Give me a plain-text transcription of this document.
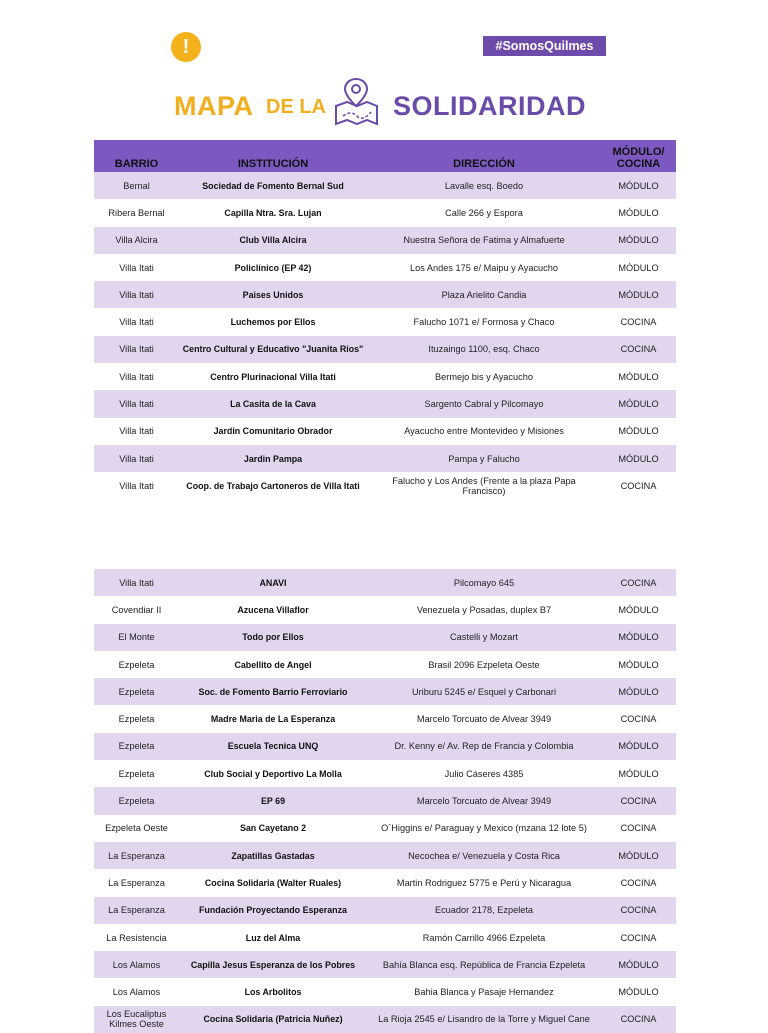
!	#SomosQuilmes
MAPA DE LA SOLIDARIDAD
BARRIO	INSTITUCIÓN	DIRECCIÓN	MÓDULO/
COCINA
Bernal	Sociedad de Fomento Bernal Sud	Lavalle esq. Boedo	MÓDULO
Ribera Bernal	Capilla Ntra. Sra. Lujan	Calle 266 y Espora	MÓDULO
Villa Alcira	Club Villa Alcira	Nuestra Señora de Fatima y Almafuerte	MÓDULO
Villa Itati	Policlínico (EP 42)	Los Andes 175 e/ Maipu y Ayacucho	MÓDULO
Villa Itati	Paises Unidos	Plaza Arielito Candia	MÓDULO
Villa Itati	Luchemos por Ellos	Falucho 1071 e/ Formosa y Chaco	COCINA
Villa Itati	Centro Cultural y Educativo "Juanita Rios"	Ituzaingo 1100, esq. Chaco	COCINA
Villa Itati	Centro Plurinacional Villa Itati	Bermejo bis y Ayacucho	MÓDULO
Villa Itati	La Casita de la Cava	Sargento Cabral y Pilcomayo	MÓDULO
Villa Itati	Jardin Comunitario Obrador	Ayacucho entre Montevideo y Misiones	MÓDULO
Villa Itati	Jardin Pampa	Pampa y Falucho	MÓDULO
Villa Itati	Coop. de Trabajo Cartoneros de Villa Itati	Falucho y Los Andes (Frente a la plaza Papa Francisco)	COCINA
Villa Itati	ANAVI	Pilcomayo 645	COCINA
Covendiar II	Azucena Villaflor	Venezuela y Posadas, duplex B7	MÓDULO
El Monte	Todo por Ellos	Castelli y Mozart	MÓDULO
Ezpeleta	Cabellito de Angel	Brasil 2096 Ezpeleta Oeste	MÓDULO
Ezpeleta	Soc. de Fomento Barrio Ferroviario	Uriburu 5245 e/ Esquel y Carbonari	MÓDULO
Ezpeleta	Madre Maria de La Esperanza	Marcelo Torcuato de Alvear 3949	COCINA
Ezpeleta	Escuela Tecnica UNQ	Dr. Kenny e/ Av. Rep de Francia y Colombia	MÓDULO
Ezpeleta	Club Social y Deportivo La Molla	Julio Cáseres 4385	MÓDULO
Ezpeleta	EP 69	Marcelo Torcuato de Alvear 3949	COCINA
Ezpeleta Oeste	San Cayetano 2	O´Higgins e/ Paraguay y Mexico (mzana 12 lote 5)	COCINA
La Esperanza	Zapatillas Gastadas	Necochea e/ Venezuela y Costa Rica	MÓDULO
La Esperanza	Cocina Solidaria (Walter Ruales)	Martin Rodriguez 5775 e Perú y Nicaragua	COCINA
La Esperanza	Fundación Proyectando Esperanza	Ecuador 2178, Ezpeleta	COCINA
La Resistencia	Luz del Alma	Ramón Carrillo 4966 Ezpeleta	COCINA
Los Alamos	Capilla Jesus Esperanza de los Pobres	Bahía Blanca esq. República de Francia Ezpeleta	MÓDULO
Los Alamos	Los Arbolitos	Bahia Blanca y Pasaje Hernandez	MÓDULO
Los Eucaliptus Kilmes Oeste	Cocina Solidaria (Patricia Nuñez)	La Rioja 2545 e/ Lisandro de la Torre y Miguel Cane	COCINA
